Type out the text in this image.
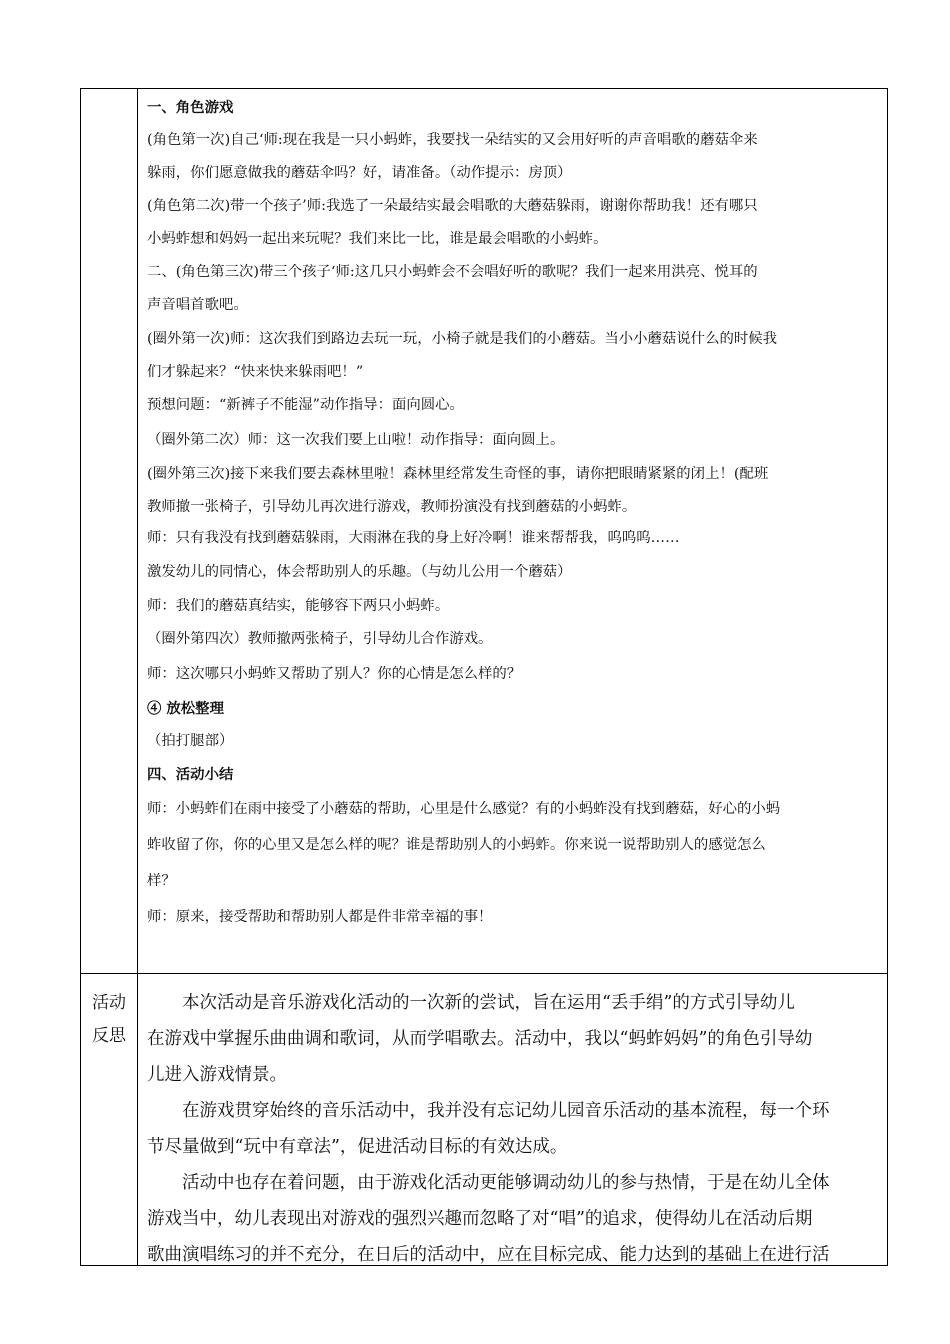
一、角色游戏

(角色第一次)自己‘师:现在我是一只小蚂蚱，我要找一朵结实的又会用好听的声音唱歌的蘑菇伞来

躲雨，你们愿意做我的蘑菇伞吗？好，请准备。（动作提示：房顶）

(角色第二次)带一个孩子’师:我选了一朵最结实最会唱歌的大蘑菇躲雨，谢谢你帮助我！还有哪只

小蚂蚱想和妈妈一起出来玩呢？我们来比一比，谁是最会唱歌的小蚂蚱。

二、(角色第三次)带三个孩子‘师:这几只小蚂蚱会不会唱好听的歌呢？我们一起来用洪亮、悦耳的

声音唱首歌吧。

(圈外第一次)师：这次我们到路边去玩一玩，小椅子就是我们的小蘑菇。当小小蘑菇说什么的时候我

们才躲起来？“快来快来躲雨吧！”

预想问题：“新裤子不能湿”动作指导：面向圆心。

（圈外第二次）师：这一次我们要上山啦！动作指导：面向圆上。

(圈外第三次)接下来我们要去森林里啦！森林里经常发生奇怪的事，请你把眼睛紧紧的闭上！(配班

教师撤一张椅子，引导幼儿再次进行游戏，教师扮演没有找到蘑菇的小蚂蚱。

师：只有我没有找到蘑菇躲雨，大雨淋在我的身上好冷啊！谁来帮帮我，呜呜呜……

激发幼儿的同情心，体会帮助别人的乐趣。（与幼儿公用一个蘑菇）

师：我们的蘑菇真结实，能够容下两只小蚂蚱。

（圈外第四次）教师撤两张椅子，引导幼儿合作游戏。

师：这次哪只小蚂蚱又帮助了别人？你的心情是怎么样的？

④ 放松整理

（拍打腿部）

四、活动小结

师：小蚂蚱们在雨中接受了小蘑菇的帮助，心里是什么感觉？有的小蚂蚱没有找到蘑菇，好心的小蚂

蚱收留了你，你的心里又是怎么样的呢？谁是帮助别人的小蚂蚱。你来说一说帮助别人的感觉怎么

样？

师：原来，接受帮助和帮助别人都是件非常幸福的事！

活动
反思

　　本次活动是音乐游戏化活动的一次新的尝试，旨在运用“丢手绢”的方式引导幼儿

在游戏中掌握乐曲曲调和歌词，从而学唱歌去。活动中，我以“蚂蚱妈妈”的角色引导幼

儿进入游戏情景。

　　在游戏贯穿始终的音乐活动中，我并没有忘记幼儿园音乐活动的基本流程，每一个环

节尽量做到“玩中有章法”，促进活动目标的有效达成。

　　活动中也存在着问题，由于游戏化活动更能够调动幼儿的参与热情，于是在幼儿全体

游戏当中，幼儿表现出对游戏的强烈兴趣而忽略了对“唱”的追求，使得幼儿在活动后期

歌曲演唱练习的并不充分，在日后的活动中，应在目标完成、能力达到的基础上在进行活
